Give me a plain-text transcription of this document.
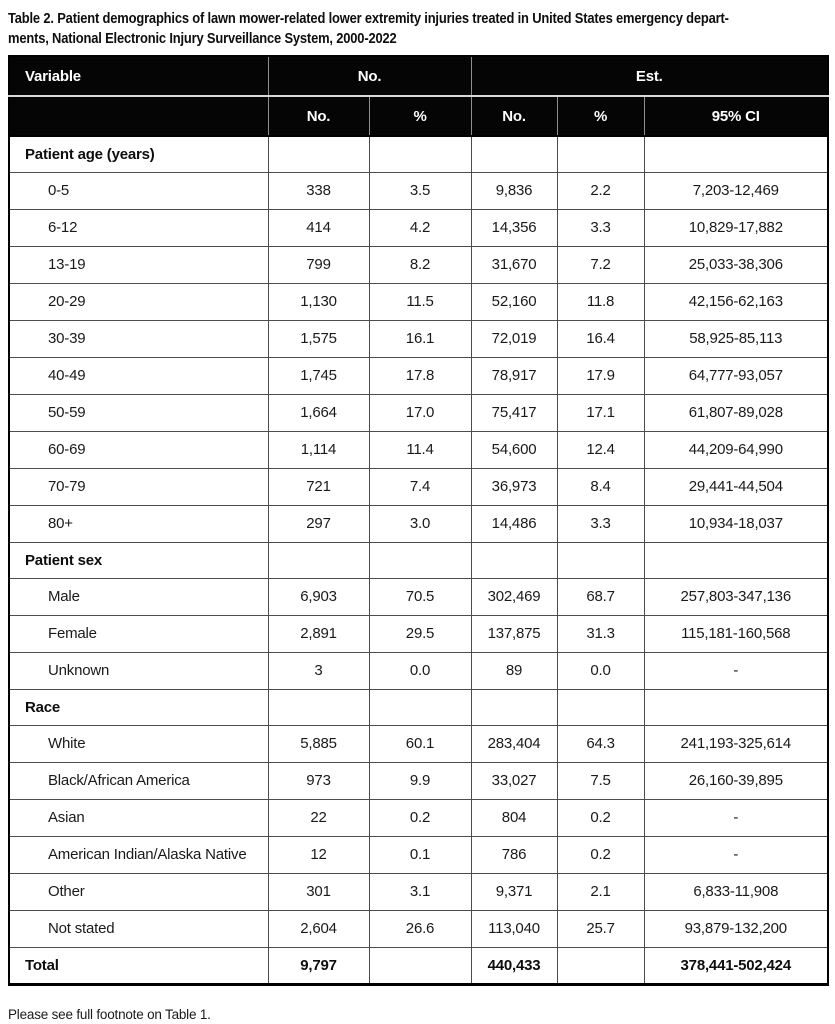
Table 2. Patient demographics of lawn mower-related lower extremity injuries treated in United States emergency depart-
ments, National Electronic Injury Surveillance System, 2000-2022
Variable	No.		Est.		
	No.	%	No.	%	95% CI
Patient age (years)					
0-5	338	3.5	9,836	2.2	7,203-12,469
6-12	414	4.2	14,356	3.3	10,829-17,882
13-19	799	8.2	31,670	7.2	25,033-38,306
20-29	1,130	11.5	52,160	11.8	42,156-62,163
30-39	1,575	16.1	72,019	16.4	58,925-85,113
40-49	1,745	17.8	78,917	17.9	64,777-93,057
50-59	1,664	17.0	75,417	17.1	61,807-89,028
60-69	1,114	11.4	54,600	12.4	44,209-64,990
70-79	721	7.4	36,973	8.4	29,441-44,504
80+	297	3.0	14,486	3.3	10,934-18,037
Patient sex					
Male	6,903	70.5	302,469	68.7	257,803-347,136
Female	2,891	29.5	137,875	31.3	115,181-160,568
Unknown	3	0.0	89	0.0	-
Race					
White	5,885	60.1	283,404	64.3	241,193-325,614
Black/African America	973	9.9	33,027	7.5	26,160-39,895
Asian	22	0.2	804	0.2	-
American Indian/Alaska Native	12	0.1	786	0.2	-
Other	301	3.1	9,371	2.1	6,833-11,908
Not stated	2,604	26.6	113,040	25.7	93,879-132,200
Total	9,797		440,433		378,441-502,424
Please see full footnote on Table 1.
